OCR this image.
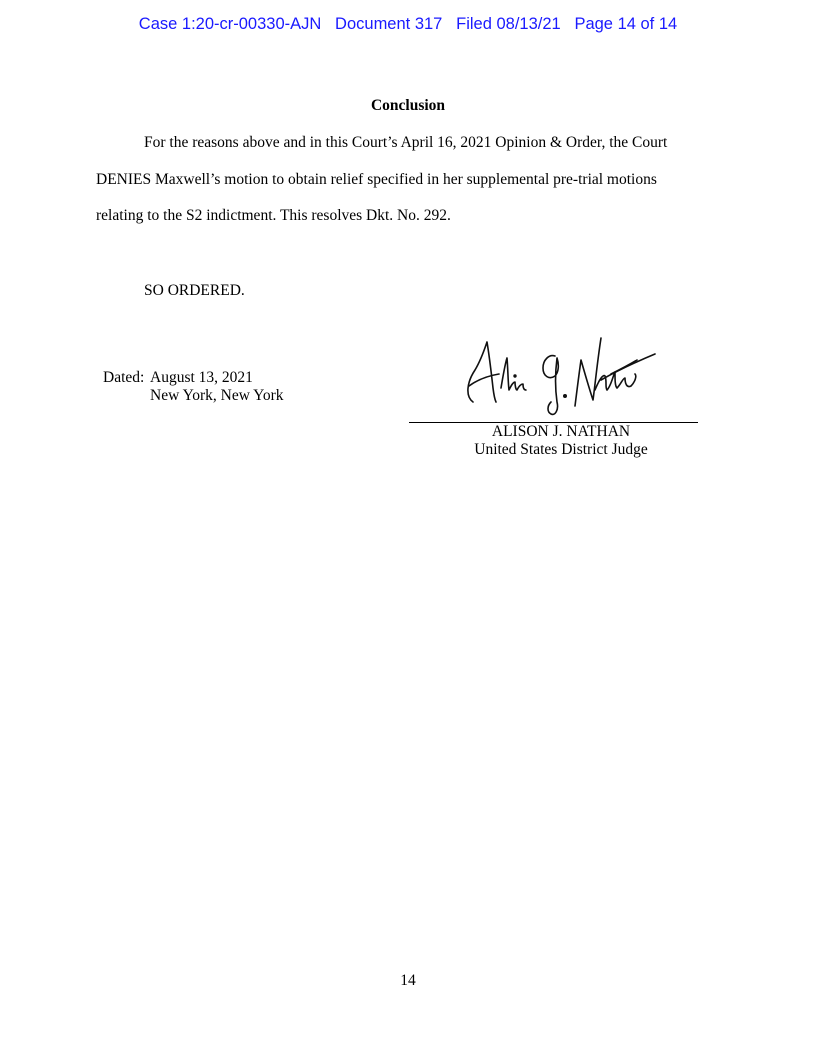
Case 1:20-cr-00330-AJN   Document 317   Filed 08/13/21   Page 14 of 14
Conclusion
For the reasons above and in this Court’s April 16, 2021 Opinion & Order, the Court
DENIES Maxwell’s motion to obtain relief specified in her supplemental pre-trial motions
relating to the S2 indictment. This resolves Dkt. No. 292.
SO ORDERED.
Dated: August 13, 2021
New York, New York
ALISON J. NATHAN
United States District Judge
14
